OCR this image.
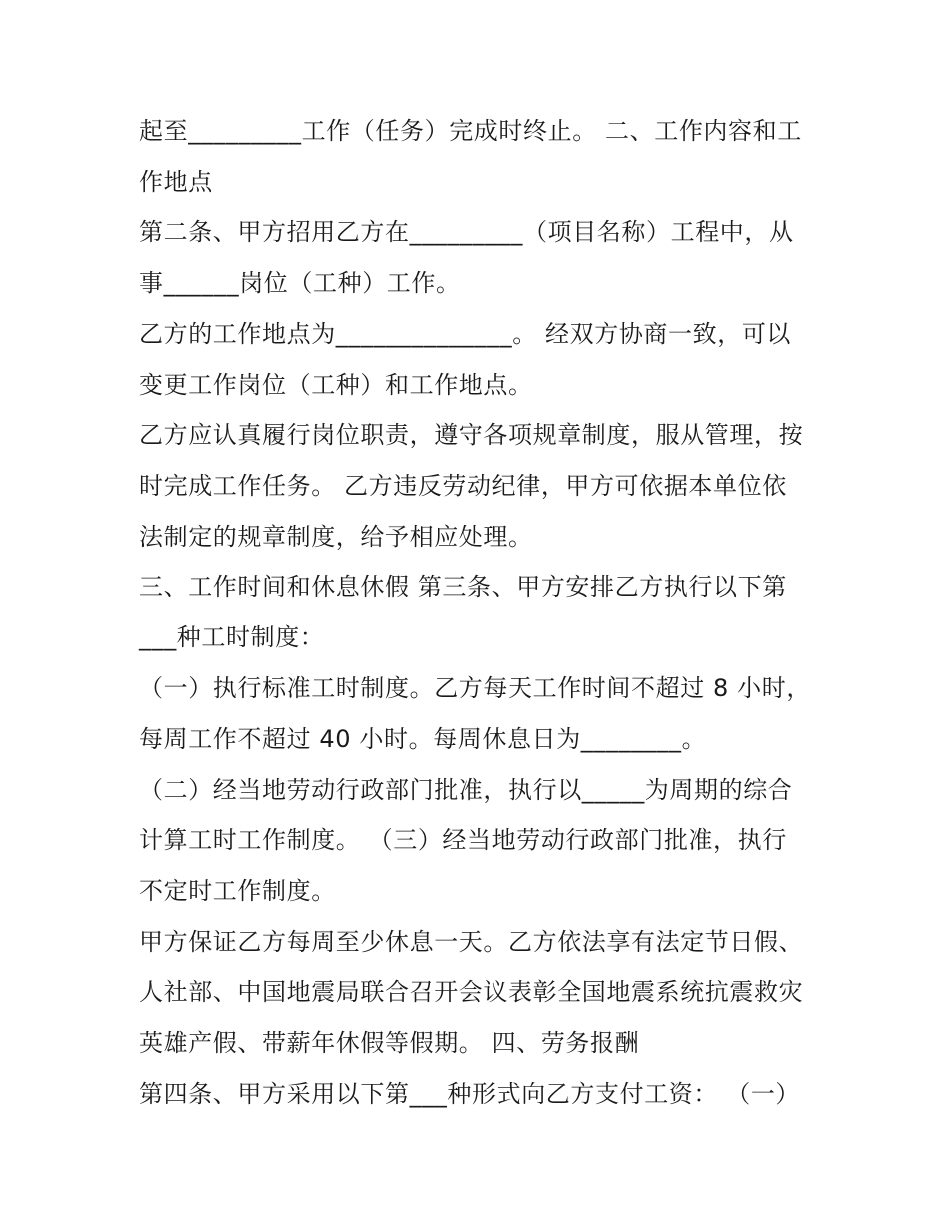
起至_________工作（任务）完成时终止。 二、工作内容和工
作地点
第二条、甲方招用乙方在_________（项目名称）工程中，从
事______岗位（工种）工作。
乙方的工作地点为______________。 经双方协商一致，可以
变更工作岗位（工种）和工作地点。
乙方应认真履行岗位职责，遵守各项规章制度，服从管理，按
时完成工作任务。 乙方违反劳动纪律，甲方可依据本单位依
法制定的规章制度，给予相应处理。
三、工作时间和休息休假 第三条、甲方安排乙方执行以下第
___种工时制度：
（一）执行标准工时制度。乙方每天工作时间不超过 8 小时，
每周工作不超过 40 小时。每周休息日为________。
（二）经当地劳动行政部门批准，执行以_____为周期的综合
计算工时工作制度。 （三）经当地劳动行政部门批准，执行
不定时工作制度。
甲方保证乙方每周至少休息一天。乙方依法享有法定节日假、
人社部、中国地震局联合召开会议表彰全国地震系统抗震救灾
英雄产假、带薪年休假等假期。 四、劳务报酬
第四条、甲方采用以下第___种形式向乙方支付工资： （一）
